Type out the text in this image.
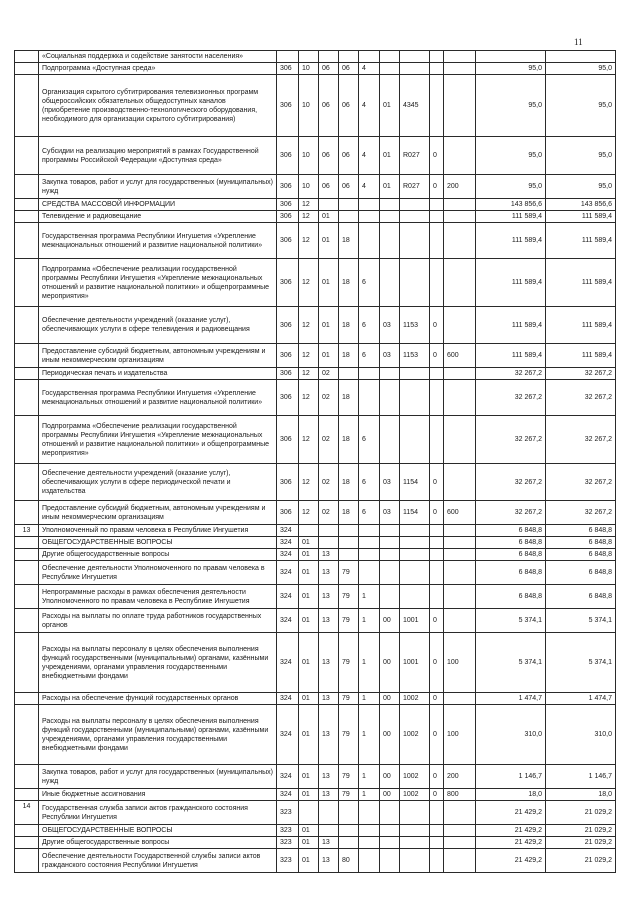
11
	«Социальная поддержка и содействие занятости населения»											
	Подпрограмма «Доступная среда»	306	10	06	06	4					95,0	95,0
	Организация скрытого субтитрирования телевизионных программ общероссийских обязательных общедоступных каналов (приобретение производственно-технологического оборудования, необходимого для организации скрытого субтитрирования)	306	10	06	06	4	01	4345			95,0	95,0
	Субсидии на реализацию мероприятий в рамках Государственной программы Российской Федерации «Доступная среда»	306	10	06	06	4	01	R027	0		95,0	95,0
	Закупка товаров, работ и услуг для государственных (муниципальных) нужд	306	10	06	06	4	01	R027	0	200	95,0	95,0
	СРЕДСТВА МАССОВОЙ ИНФОРМАЦИИ	306	12								143 856,6	143 856,6
	Телевидение и радиовещание	306	12	01							111 589,4	111 589,4
	Государственная программа Республики Ингушетия «Укрепление межнациональных отношений и развитие национальной политики»	306	12	01	18						111 589,4	111 589,4
	Подпрограмма «Обеспечение реализации государственной программы Республики Ингушетия «Укрепление межнациональных отношений и развитие национальной политики» и общепрограммные мероприятия»	306	12	01	18	6					111 589,4	111 589,4
	Обеспечение деятельности учреждений (оказание услуг), обеспечивающих услуги в сфере телевидения и радиовещания	306	12	01	18	6	03	1153	0		111 589,4	111 589,4
	Предоставление субсидий бюджетным, автономным учреждениям и иным некоммерческим организациям	306	12	01	18	6	03	1153	0	600	111 589,4	111 589,4
	Периодическая печать и издательства	306	12	02							32 267,2	32 267,2
	Государственная программа Республики Ингушетия «Укрепление межнациональных отношений и развитие национальной политики»	306	12	02	18						32 267,2	32 267,2
	Подпрограмма «Обеспечение реализации государственной программы Республики Ингушетия «Укрепление межнациональных отношений и развитие национальной политики» и общепрограммные мероприятия»	306	12	02	18	6					32 267,2	32 267,2
	Обеспечение деятельности учреждений (оказание услуг), обеспечивающих услуги в сфере периодической печати и издательства	306	12	02	18	6	03	1154	0		32 267,2	32 267,2
	Предоставление субсидий бюджетным, автономным учреждениям и иным некоммерческим организациям	306	12	02	18	6	03	1154	0	600	32 267,2	32 267,2
13	Уполномоченный по правам человека в Республике Ингушетия	324									6 848,8	6 848,8
	ОБЩЕГОСУДАРСТВЕННЫЕ ВОПРОСЫ	324	01								6 848,8	6 848,8
	Другие общегосударственные вопросы	324	01	13							6 848,8	6 848,8
	Обеспечение деятельности Уполномоченного по правам человека в Республике Ингушетия	324	01	13	79						6 848,8	6 848,8
	Непрограммные расходы в рамках обеспечения деятельности Уполномоченного по правам человека в Республике Ингушетия	324	01	13	79	1					6 848,8	6 848,8
	Расходы на выплаты по оплате труда работников государственных органов	324	01	13	79	1	00	1001	0		5 374,1	5 374,1
	Расходы на выплаты персоналу в целях обеспечения выполнения функций государственными (муниципальными) органами, казёнными учреждениями, органами управления государственными внебюджетными фондами	324	01	13	79	1	00	1001	0	100	5 374,1	5 374,1
	Расходы на обеспечение функций государственных органов	324	01	13	79	1	00	1002	0		1 474,7	1 474,7
	Расходы на выплаты персоналу в целях обеспечения выполнения функций государственными (муниципальными) органами, казёнными учреждениями, органами управления государственными внебюджетными фондами	324	01	13	79	1	00	1002	0	100	310,0	310,0
	Закупка товаров, работ и услуг для государственных (муниципальных) нужд	324	01	13	79	1	00	1002	0	200	1 146,7	1 146,7
	Иные бюджетные ассигнования	324	01	13	79	1	00	1002	0	800	18,0	18,0
14	Государственная служба записи актов гражданского состояния Республики Ингушетия	323									21 429,2	21 029,2
	ОБЩЕГОСУДАРСТВЕННЫЕ ВОПРОСЫ	323	01								21 429,2	21 029,2
	Другие общегосударственные вопросы	323	01	13							21 429,2	21 029,2
	Обеспечение деятельности Государственной службы записи актов гражданского состояния Республики Ингушетия	323	01	13	80						21 429,2	21 029,2
